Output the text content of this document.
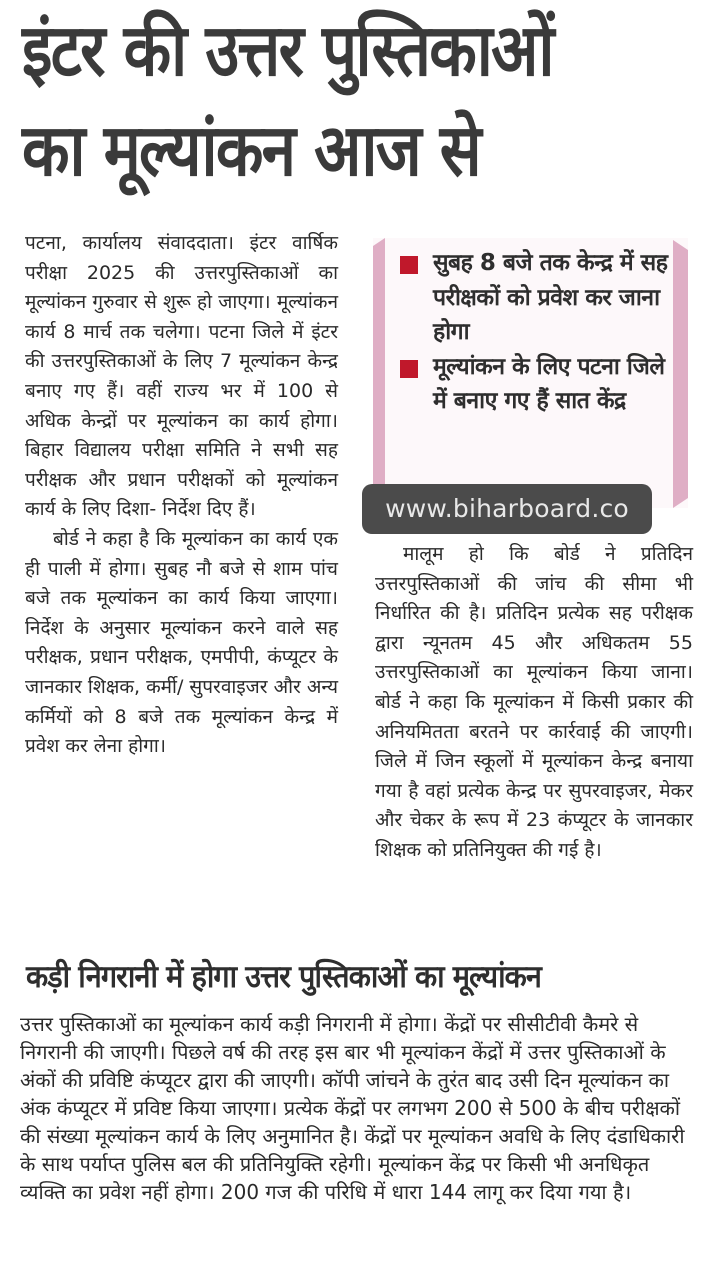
इंटर की उत्तर पुस्तिकाओं
का मूल्यांकन आज से

पटना, कार्यालय संवाददाता। इंटर वार्षिक परीक्षा 2025 की उत्तरपुस्तिकाओं का मूल्यांकन गुरुवार से शुरू हो जाएगा। मूल्यांकन कार्य 8 मार्च तक चलेगा। पटना जिले में इंटर की उत्तरपुस्तिकाओं के लिए 7 मूल्यांकन केन्द्र बनाए गए हैं। वहीं राज्य भर में 100 से अधिक केन्द्रों पर मूल्यांकन का कार्य होगा। बिहार विद्यालय परीक्षा समिति ने सभी सह परीक्षक और प्रधान परीक्षकों को मूल्यांकन कार्य के लिए दिशा- निर्देश दिए हैं।

बोर्ड ने कहा है कि मूल्यांकन का कार्य एक ही पाली में होगा। सुबह नौ बजे से शाम पांच बजे तक मूल्यांकन का कार्य किया जाएगा। निर्देश के अनुसार मूल्यांकन करने वाले सह परीक्षक, प्रधान परीक्षक, एमपीपी, कंप्यूटर के जानकार शिक्षक, कर्मी/ सुपरवाइजर और अन्य कर्मियों को 8 बजे तक मूल्यांकन केन्द्र में प्रवेश कर लेना होगा।

सुबह 8 बजे तक केन्द्र में सह परीक्षकों को प्रवेश कर जाना होगा
मूल्यांकन के लिए पटना जिले में बनाए गए हैं सात केंद्र
www.biharboard.co

मालूम हो कि बोर्ड ने प्रतिदिन उत्तरपुस्तिकाओं की जांच की सीमा भी निर्धारित की है। प्रतिदिन प्रत्येक सह परीक्षक द्वारा न्यूनतम 45 और अधिकतम 55 उत्तरपुस्तिकाओं का मूल्यांकन किया जाना। बोर्ड ने कहा कि मूल्यांकन में किसी प्रकार की अनियमितता बरतने पर कार्रवाई की जाएगी। जिले में जिन स्कूलों में मूल्यांकन केन्द्र बनाया गया है वहां प्रत्येक केन्द्र पर सुपरवाइजर, मेकर और चेकर के रूप में 23 कंप्यूटर के जानकार शिक्षक को प्रतिनियुक्त की गई है।

कड़ी निगरानी में होगा उत्तर पुस्तिकाओं का मूल्यांकन

उत्तर पुस्तिकाओं का मूल्यांकन कार्य कड़ी निगरानी में होगा। केंद्रों पर सीसीटीवी कैमरे से निगरानी की जाएगी। पिछले वर्ष की तरह इस बार भी मूल्यांकन केंद्रों में उत्तर पुस्तिकाओं के अंकों की प्रविष्टि कंप्यूटर द्वारा की जाएगी। कॉपी जांचने के तुरंत बाद उसी दिन मूल्यांकन का अंक कंप्यूटर में प्रविष्ट किया जाएगा। प्रत्येक केंद्रों पर लगभग 200 से 500 के बीच परीक्षकों की संख्या मूल्यांकन कार्य के लिए अनुमानित है। केंद्रों पर मूल्यांकन अवधि के लिए दंडाधिकारी के साथ पर्याप्त पुलिस बल की प्रतिनियुक्ति रहेगी। मूल्यांकन केंद्र पर किसी भी अनधिकृत व्यक्ति का प्रवेश नहीं होगा। 200 गज की परिधि में धारा 144 लागू कर दिया गया है।
